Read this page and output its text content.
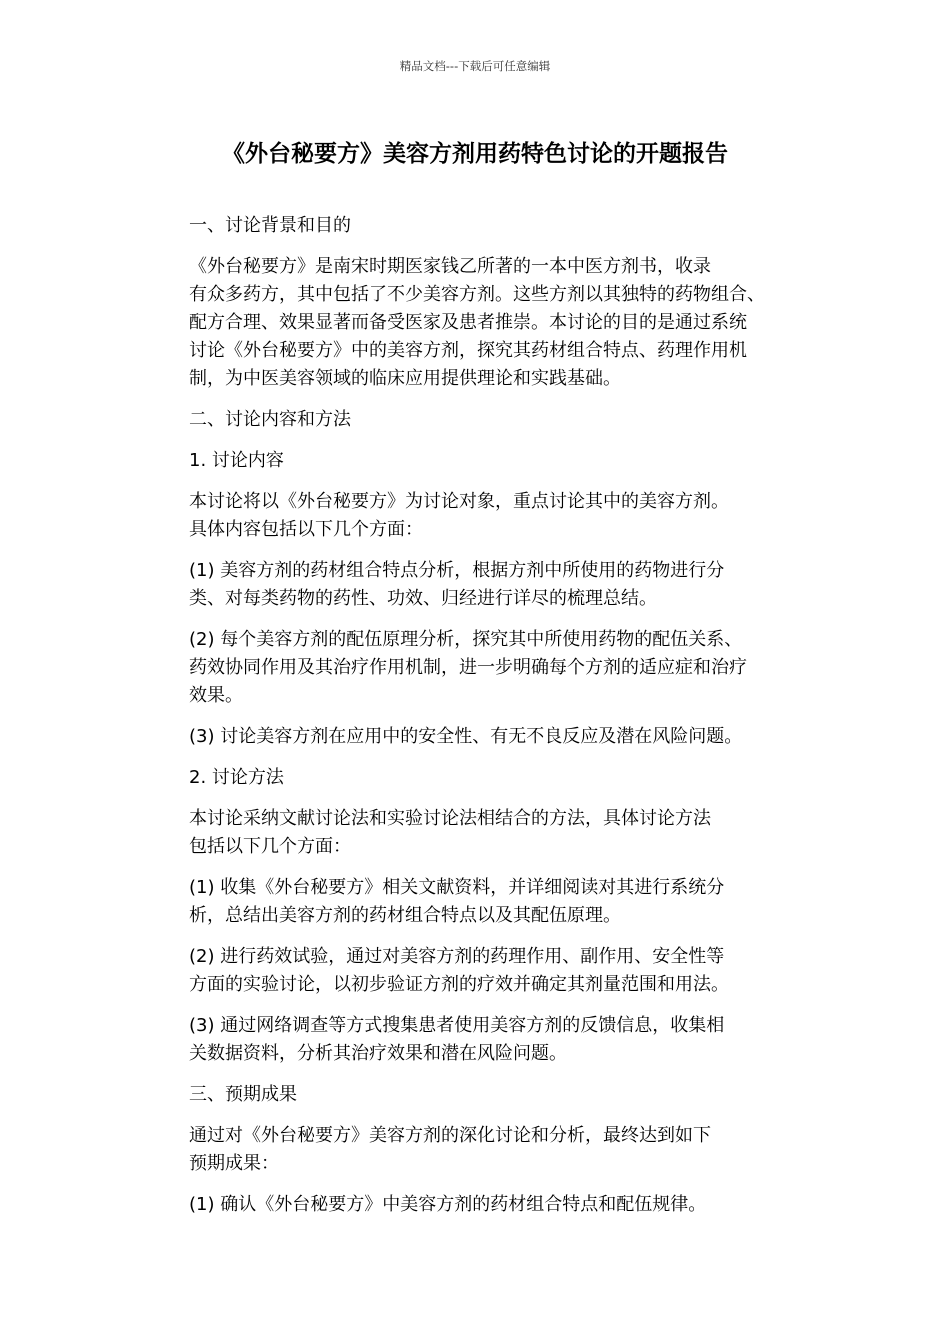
精品文档---下载后可任意编辑
《外台秘要方》美容方剂用药特色讨论的开题报告
一、讨论背景和目的
《外台秘要方》是南宋时期医家钱乙所著的一本中医方剂书，收录
有众多药方，其中包括了不少美容方剂。这些方剂以其独特的药物组合、
配方合理、效果显著而备受医家及患者推崇。本讨论的目的是通过系统
讨论《外台秘要方》中的美容方剂，探究其药材组合特点、药理作用机
制，为中医美容领域的临床应用提供理论和实践基础。
二、讨论内容和方法
1. 讨论内容
本讨论将以《外台秘要方》为讨论对象，重点讨论其中的美容方剂。
具体内容包括以下几个方面：
(1) 美容方剂的药材组合特点分析，根据方剂中所使用的药物进行分
类、对每类药物的药性、功效、归经进行详尽的梳理总结。
(2) 每个美容方剂的配伍原理分析，探究其中所使用药物的配伍关系、
药效协同作用及其治疗作用机制，进一步明确每个方剂的适应症和治疗
效果。
(3) 讨论美容方剂在应用中的安全性、有无不良反应及潜在风险问题。
2. 讨论方法
本讨论采纳文献讨论法和实验讨论法相结合的方法，具体讨论方法
包括以下几个方面：
(1) 收集《外台秘要方》相关文献资料，并详细阅读对其进行系统分
析，总结出美容方剂的药材组合特点以及其配伍原理。
(2) 进行药效试验，通过对美容方剂的药理作用、副作用、安全性等
方面的实验讨论，以初步验证方剂的疗效并确定其剂量范围和用法。
(3) 通过网络调查等方式搜集患者使用美容方剂的反馈信息，收集相
关数据资料，分析其治疗效果和潜在风险问题。
三、预期成果
通过对《外台秘要方》美容方剂的深化讨论和分析，最终达到如下
预期成果：
(1) 确认《外台秘要方》中美容方剂的药材组合特点和配伍规律。
